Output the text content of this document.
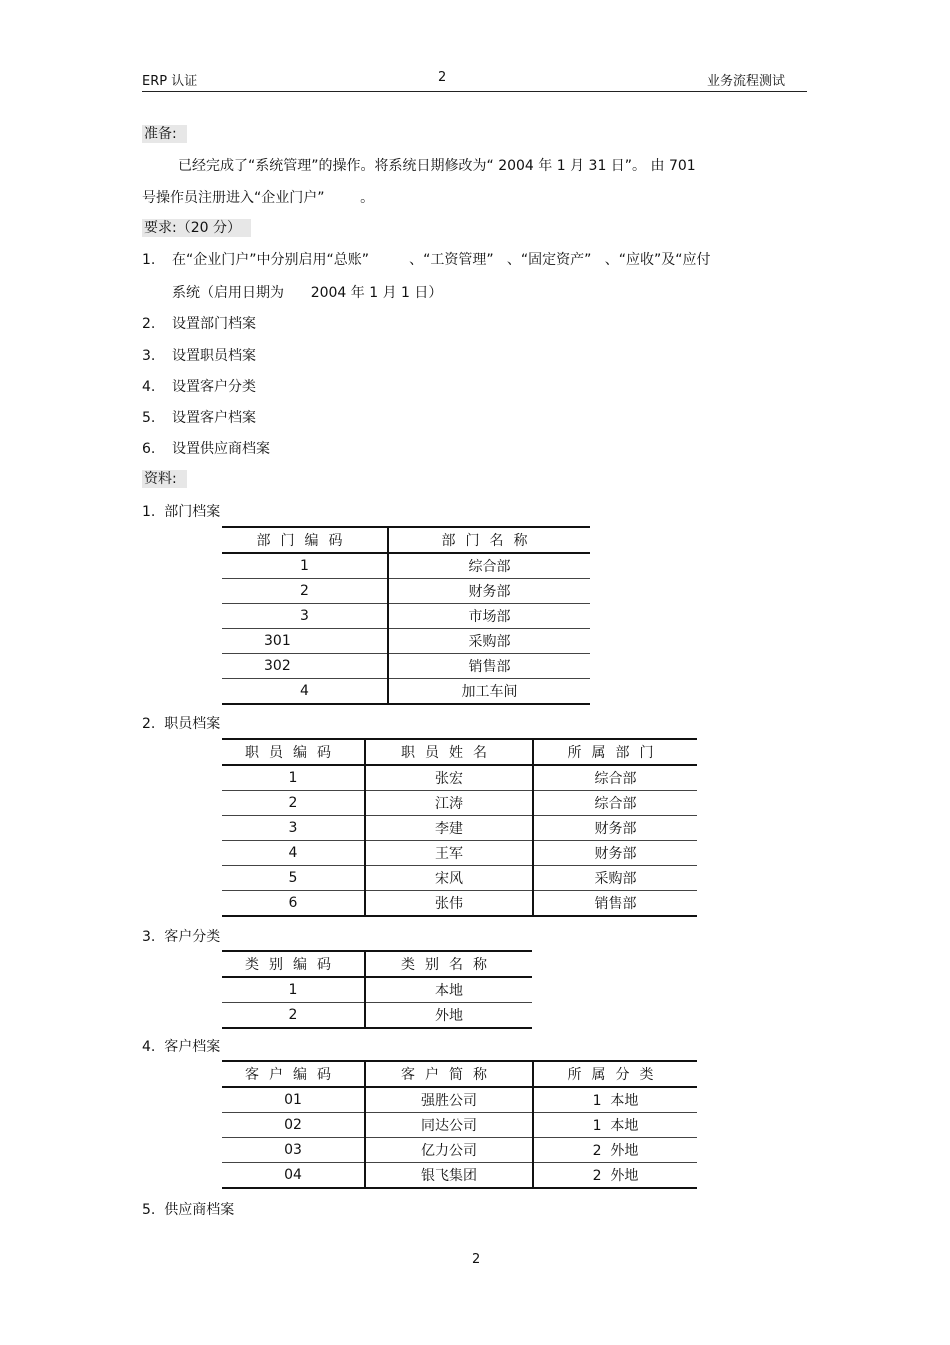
ERP 认证	2	业务流程测试
准备:
已经完成了“系统管理”的操作。将系统日期修改为“ 2004 年 1 月 31 日”。 由 701
号操作员注册进入“企业门户”        。
要求:（20 分）
1. 在“企业门户”中分别启用“总账”         、“工资管理”   、“固定资产”   、“应收”及“应付
系统（启用日期为      2004 年 1 月 1 日）
2. 设置部门档案
3. 设置职员档案
4. 设置客户分类
5. 设置客户档案
6. 设置供应商档案
资料:
1.  部门档案
部门编码	部门名称
1	综合部
2	财务部
3	市场部
301	采购部
302	销售部
4	加工车间
2.  职员档案
职员编码	职员姓名	所属部门
1	张宏	综合部
2	江涛	综合部
3	李建	财务部
4	王军	财务部
5	宋风	采购部
6	张伟	销售部
3.  客户分类
类别编码	类别名称
1	本地
2	外地
4.  客户档案
客户编码	客户简称	所属分类
01	强胜公司	1  本地
02	同达公司	1  本地
03	亿力公司	2  外地
04	银飞集团	2  外地
5.  供应商档案
2
